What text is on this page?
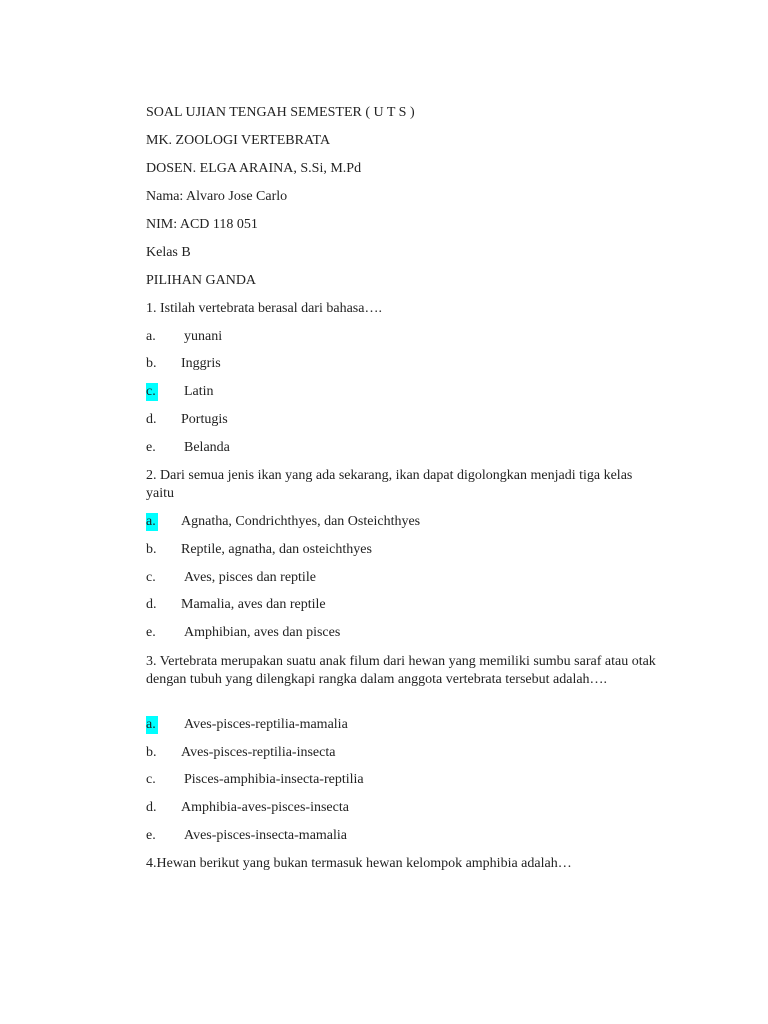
SOAL UJIAN TENGAH SEMESTER ( U T S )
MK. ZOOLOGI VERTEBRATA
DOSEN. ELGA ARAINA, S.Si, M.Pd
Nama: Alvaro Jose Carlo
NIM: ACD 118 051
Kelas B
PILIHAN GANDA
1. Istilah vertebrata berasal dari bahasa….
a. yunani
b. Inggris
c. Latin
d. Portugis
e. Belanda
2. Dari semua jenis ikan yang ada sekarang, ikan dapat digolongkan menjadi tiga kelas yaitu
a. Agnatha, Condrichthyes, dan Osteichthyes
b. Reptile, agnatha, dan osteichthyes
c. Aves, pisces dan reptile
d. Mamalia, aves dan reptile
e. Amphibian, aves dan pisces
3. Vertebrata merupakan suatu anak filum dari hewan yang memiliki sumbu saraf atau otak dengan tubuh yang dilengkapi rangka dalam anggota vertebrata tersebut adalah….
a. Aves-pisces-reptilia-mamalia
b. Aves-pisces-reptilia-insecta
c. Pisces-amphibia-insecta-reptilia
d. Amphibia-aves-pisces-insecta
e. Aves-pisces-insecta-mamalia
4.Hewan berikut yang bukan termasuk hewan kelompok amphibia adalah…
